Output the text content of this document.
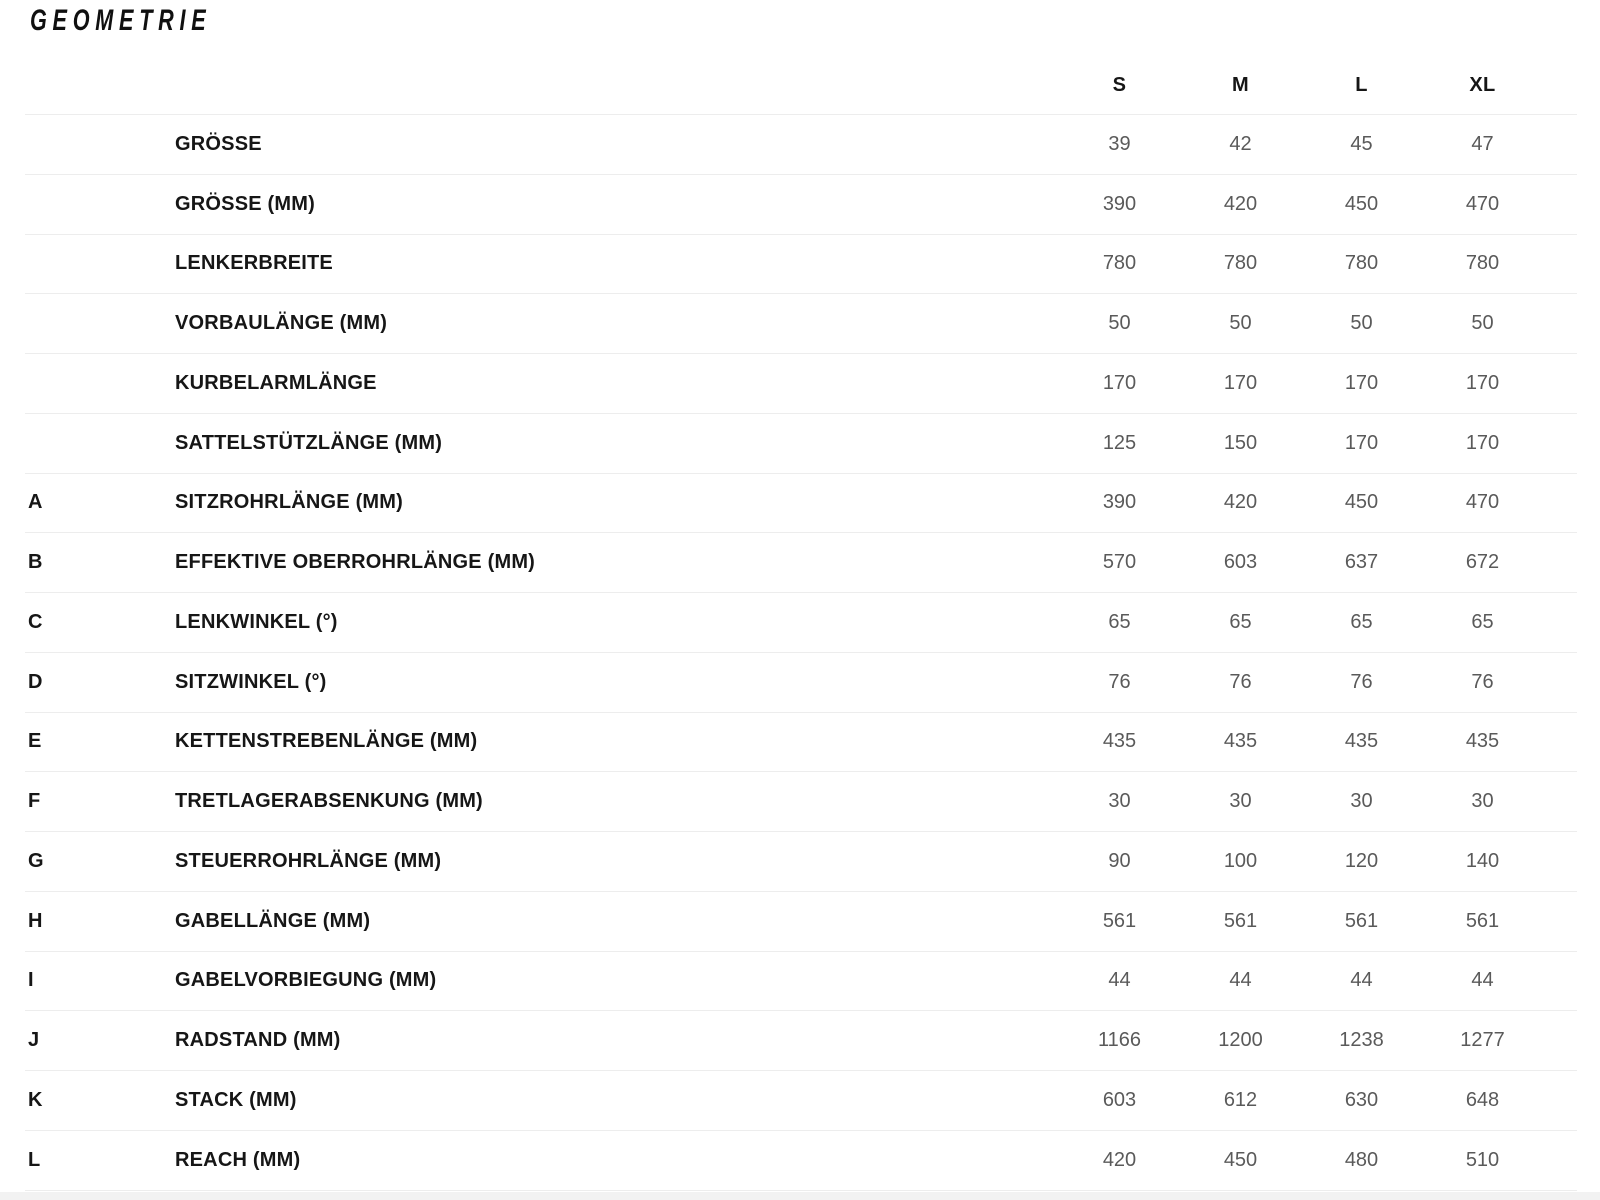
GEOMETRIE
S	M	L	XL
GRÖSSE	39	42	45	47
GRÖSSE (MM)	390	420	450	470
LENKERBREITE	780	780	780	780
VORBAULÄNGE (MM)	50	50	50	50
KURBELARMLÄNGE	170	170	170	170
SATTELSTÜTZLÄNGE (MM)	125	150	170	170
A	SITZROHRLÄNGE (MM)	390	420	450	470
B	EFFEKTIVE OBERROHRLÄNGE (MM)	570	603	637	672
C	LENKWINKEL (°)	65	65	65	65
D	SITZWINKEL (°)	76	76	76	76
E	KETTENSTREBENLÄNGE (MM)	435	435	435	435
F	TRETLAGERABSENKUNG (MM)	30	30	30	30
G	STEUERROHRLÄNGE (MM)	90	100	120	140
H	GABELLÄNGE (MM)	561	561	561	561
I	GABELVORBIEGUNG (MM)	44	44	44	44
J	RADSTAND (MM)	1166	1200	1238	1277
K	STACK (MM)	603	612	630	648
L	REACH (MM)	420	450	480	510
